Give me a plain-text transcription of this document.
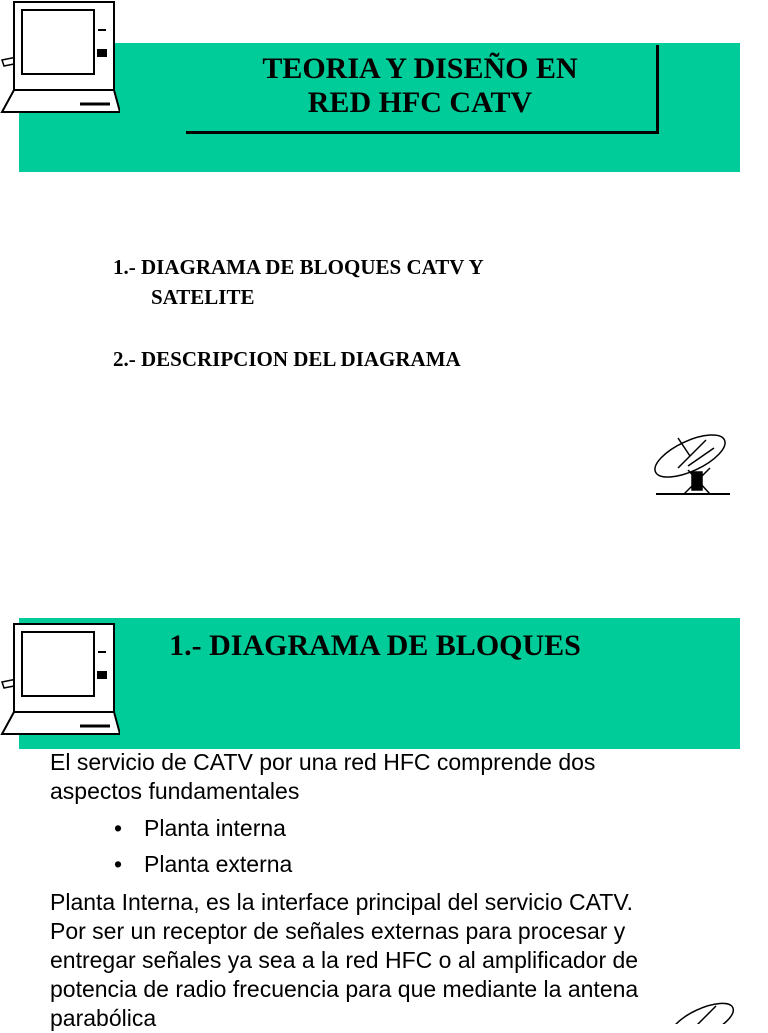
TEORIA Y DISEÑO EN
RED HFC CATV
1.- DIAGRAMA DE BLOQUES CATV Y
SATELITE
2.- DESCRIPCION DEL DIAGRAMA
1.- DIAGRAMA DE BLOQUES

El servicio de CATV por una red HFC comprende dos aspectos fundamentales

• Planta interna
• Planta externa

Planta Interna, es la interface principal del servicio CATV. Por ser un receptor de señales externas para procesar y entregar señales ya sea a la red HFC o al amplificador de potencia de radio frecuencia para que mediante la antena parabólica
